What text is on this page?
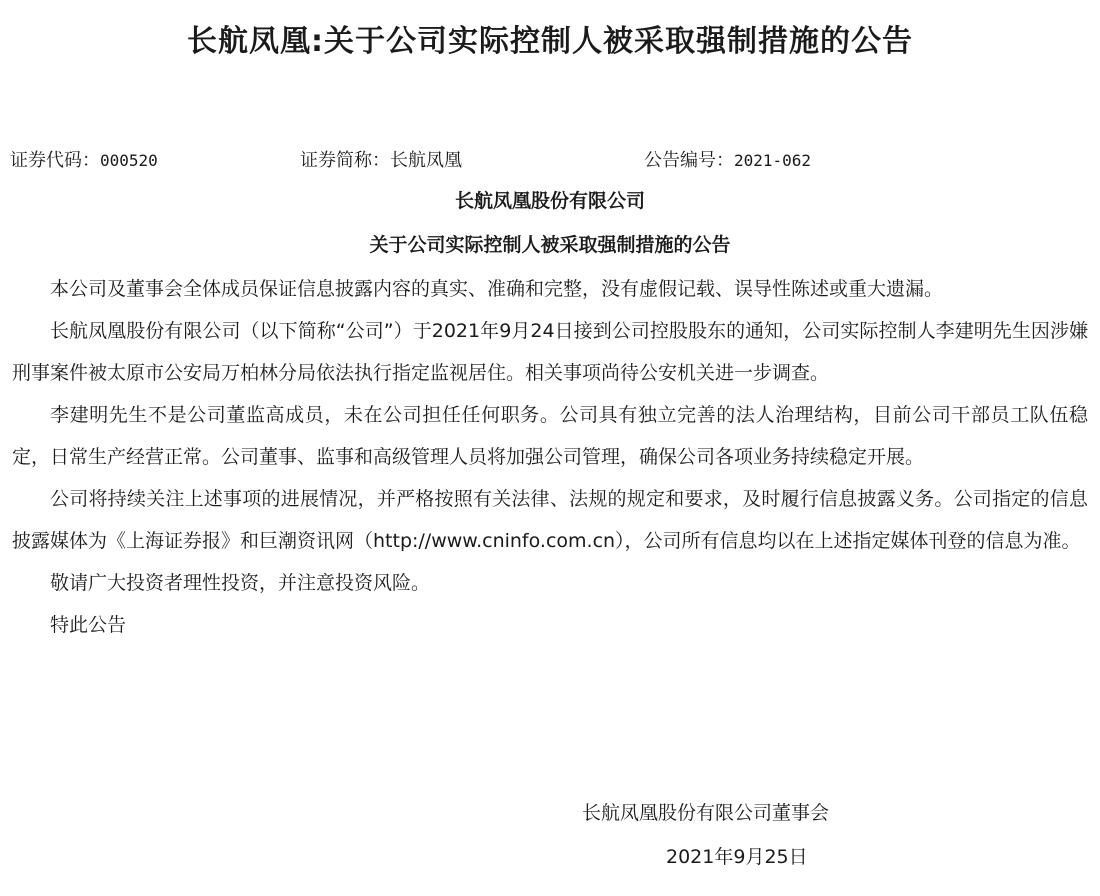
长航凤凰:关于公司实际控制人被采取强制措施的公告
证券代码：000520	证券简称：长航凤凰	公告编号：2021-062
长航凤凰股份有限公司
关于公司实际控制人被采取强制措施的公告

本公司及董事会全体成员保证信息披露内容的真实、准确和完整，没有虚假记载、误导性陈述或重大遗漏。

长航凤凰股份有限公司（以下简称“公司”）于2021年9月24日接到公司控股股东的通知，公司实际控制人李建明先生因涉嫌刑事案件被太原市公安局万柏林分局依法执行指定监视居住。相关事项尚待公安机关进一步调查。

李建明先生不是公司董监高成员，未在公司担任任何职务。公司具有独立完善的法人治理结构，目前公司干部员工队伍稳定，日常生产经营正常。公司董事、监事和高级管理人员将加强公司管理，确保公司各项业务持续稳定开展。

公司将持续关注上述事项的进展情况，并严格按照有关法律、法规的规定和要求，及时履行信息披露义务。公司指定的信息披露媒体为《上海证券报》和巨潮资讯网（http://www.cninfo.com.cn），公司所有信息均以在上述指定媒体刊登的信息为准。

敬请广大投资者理性投资，并注意投资风险。

特此公告

长航凤凰股份有限公司董事会
2021年9月25日
